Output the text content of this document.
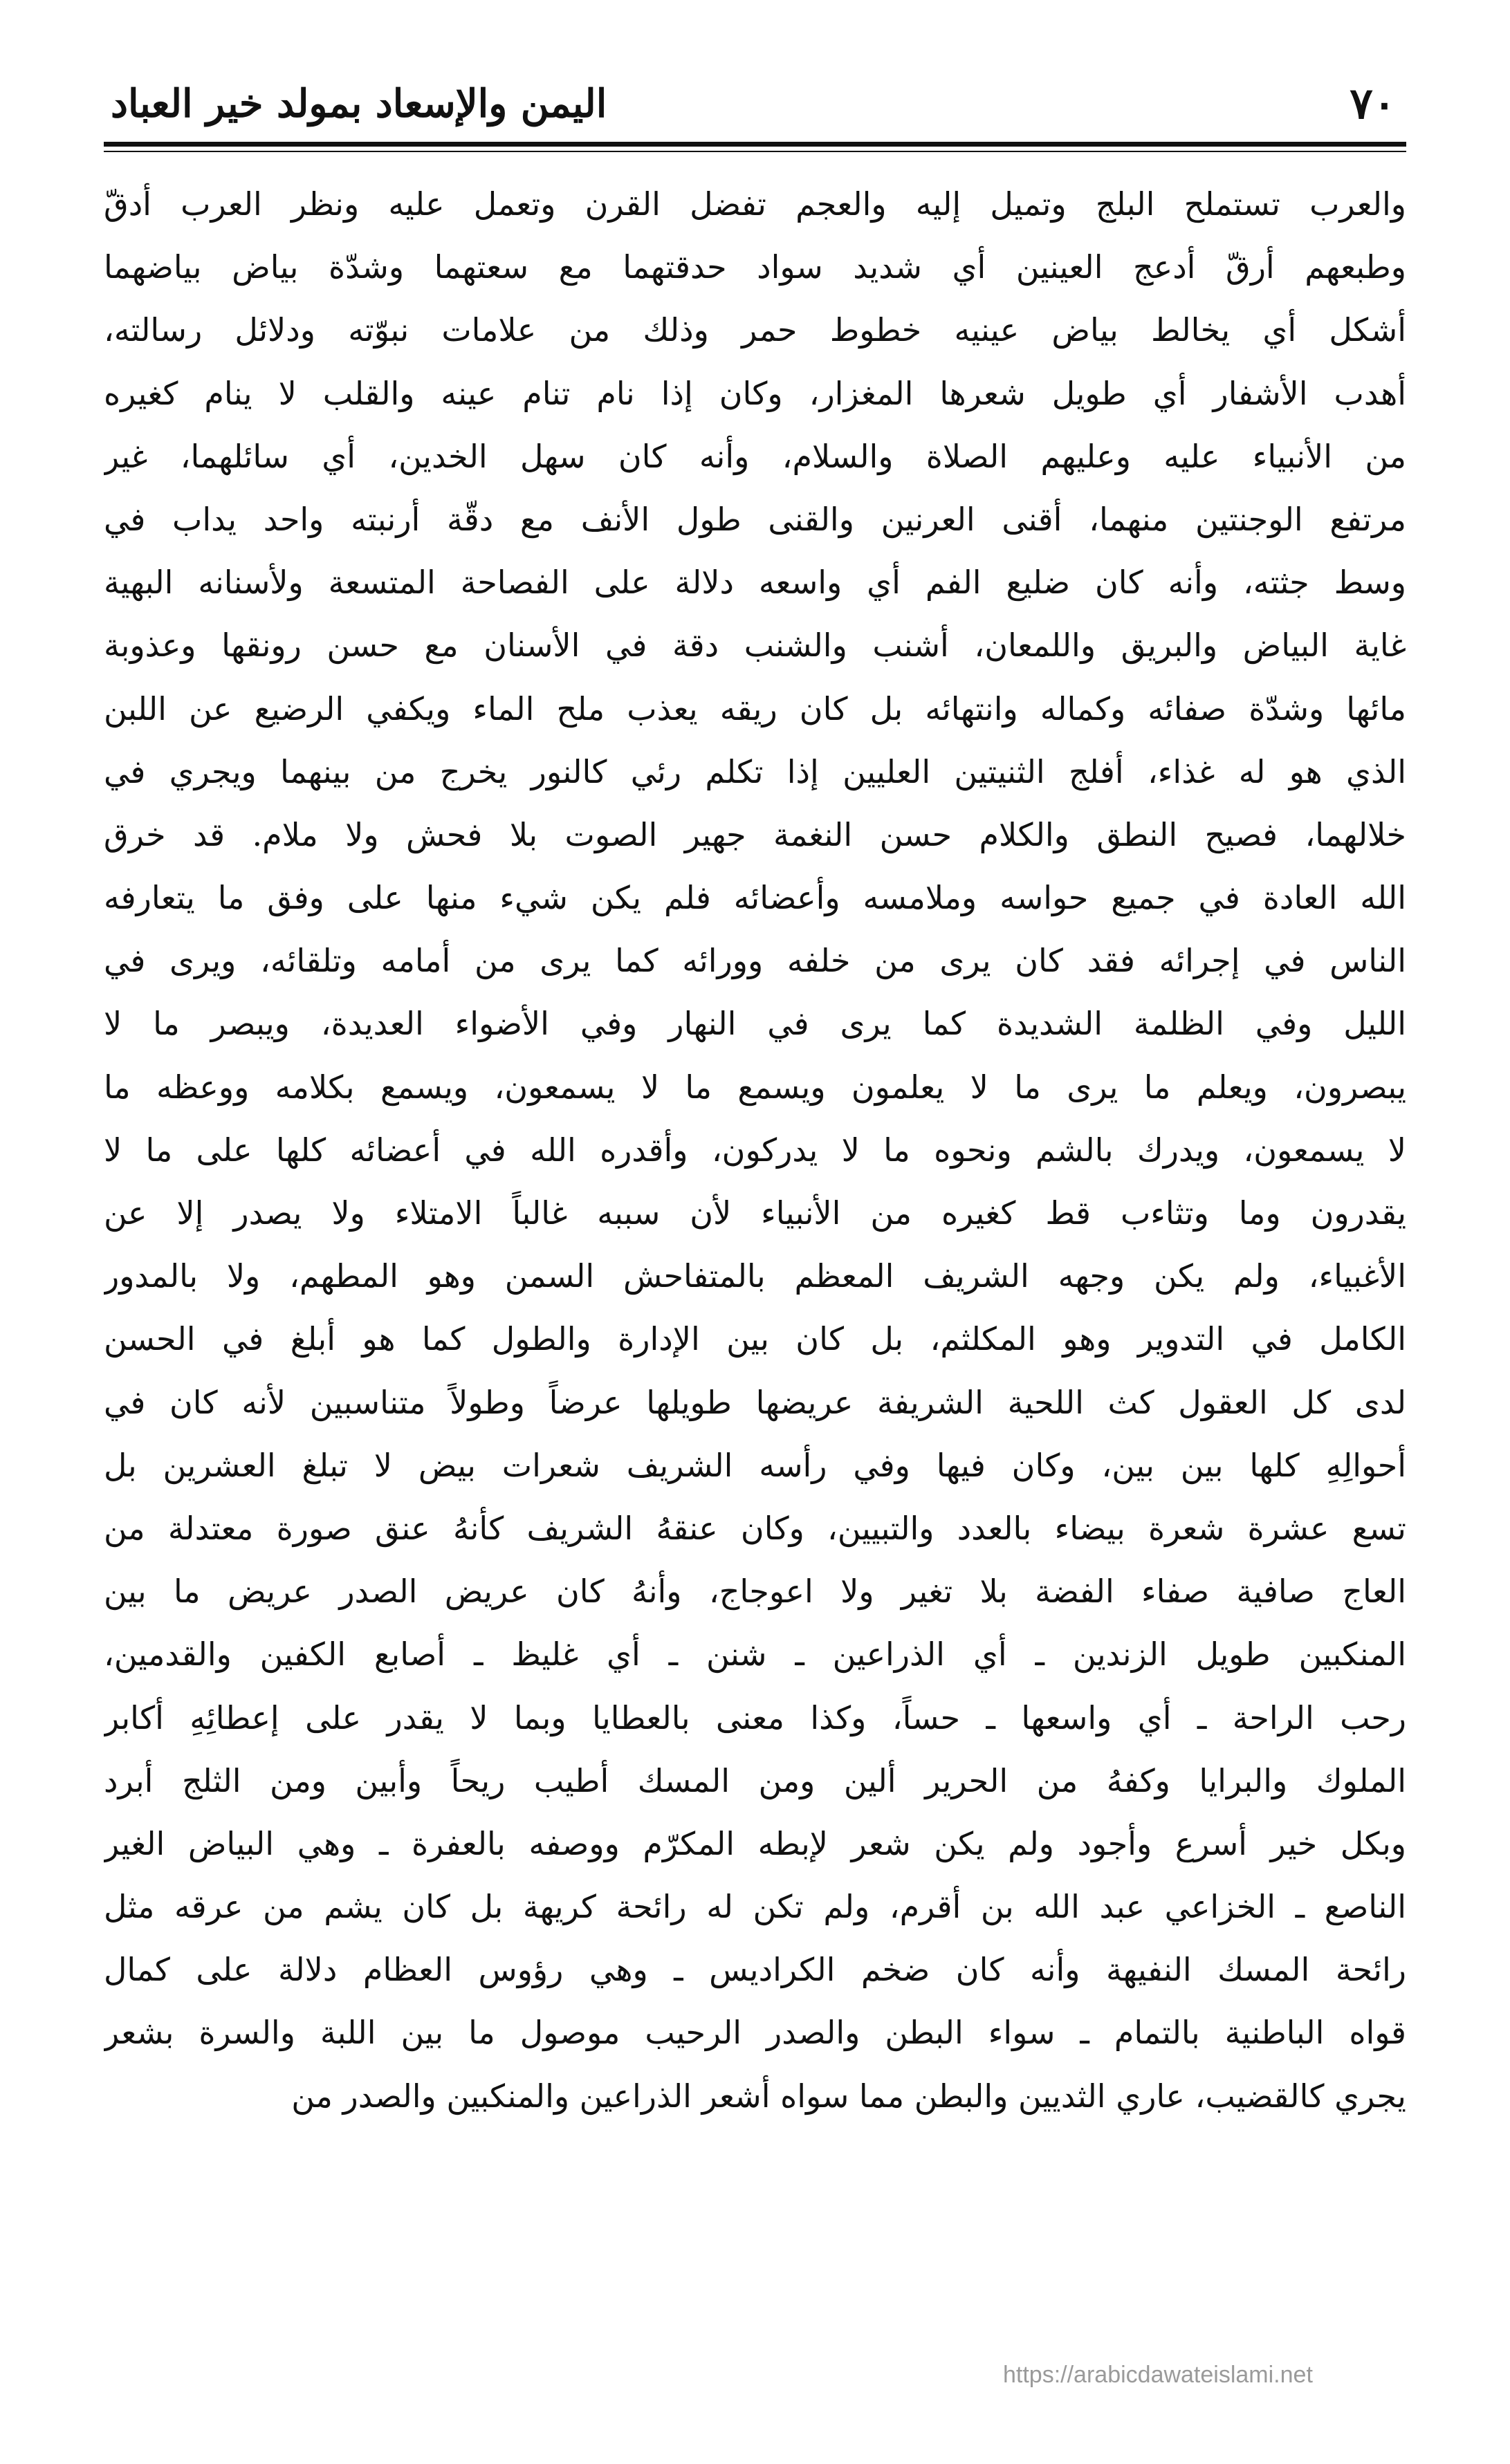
٧٠
اليمن والإسعاد بمولد خير العباد
والعرب تستملح البلج وتميل إليه والعجم تفضل القرن وتعمل عليه ونظر العرب أدقّ
وطبعهم أرقّ أدعج العينين أي شديد سواد حدقتهما مع سعتهما وشدّة بياض بياضهما
أشكل أي يخالط بياض عينيه خطوط حمر وذلك من علامات نبوّته ودلائل رسالته،
أهدب الأشفار أي طويل شعرها المغزار، وكان إذا نام تنام عينه والقلب لا ينام كغيره
من الأنبياء عليه وعليهم الصلاة والسلام، وأنه كان سهل الخدين، أي سائلهما، غير
مرتفع الوجنتين منهما، أقنى العرنين والقنى طول الأنف مع دقّة أرنبته واحد يداب في
وسط جثته، وأنه كان ضليع الفم أي واسعه دلالة على الفصاحة المتسعة ولأسنانه البهية
غاية البياض والبريق واللمعان، أشنب والشنب دقة في الأسنان مع حسن رونقها وعذوبة
مائها وشدّة صفائه وكماله وانتهائه بل كان ريقه يعذب ملح الماء ويكفي الرضيع عن اللبن
الذي هو له غذاء، أفلج الثنيتين العليين إذا تكلم رئي كالنور يخرج من بينهما ويجري في
خلالهما، فصيح النطق والكلام حسن النغمة جهير الصوت بلا فحش ولا ملام. قد خرق
الله العادة في جميع حواسه وملامسه وأعضائه فلم يكن شيء منها على وفق ما يتعارفه
الناس في إجرائه فقد كان يرى من خلفه وورائه كما يرى من أمامه وتلقائه، ويرى في
الليل وفي الظلمة الشديدة كما يرى في النهار وفي الأضواء العديدة، ويبصر ما لا
يبصرون، ويعلم ما يرى ما لا يعلمون ويسمع ما لا يسمعون، ويسمع بكلامه ووعظه ما
لا يسمعون، ويدرك بالشم ونحوه ما لا يدركون، وأقدره الله في أعضائه كلها على ما لا
يقدرون وما وتثاءب قط كغيره من الأنبياء لأن سببه غالباً الامتلاء ولا يصدر إلا عن
الأغبياء، ولم يكن وجهه الشريف المعظم بالمتفاحش السمن وهو المطهم، ولا بالمدور
الكامل في التدوير وهو المكلثم، بل كان بين الإدارة والطول كما هو أبلغ في الحسن
لدى كل العقول كث اللحية الشريفة عريضها طويلها عرضاً وطولاً متناسبين لأنه كان في
أحوالِهِ كلها بين بين، وكان فيها وفي رأسه الشريف شعرات بيض لا تبلغ العشرين بل
تسع عشرة شعرة بيضاء بالعدد والتبيين، وكان عنقهُ الشريف كأنهُ عنق صورة معتدلة من
العاج صافية صفاء الفضة بلا تغير ولا اعوجاج، وأنهُ كان عريض الصدر عريض ما بين
المنكبين طويل الزندين ـ أي الذراعين ـ شنن ـ أي غليظ ـ أصابع الكفين والقدمين،
رحب الراحة ـ أي واسعها ـ حساً، وكذا معنى بالعطايا وبما لا يقدر على إعطائِهِ أكابر
الملوك والبرايا وكفهُ من الحرير ألين ومن المسك أطيب ريحاً وأبين ومن الثلج أبرد
وبكل خير أسرع وأجود ولم يكن شعر لإبطه المكرّم ووصفه بالعفرة ـ وهي البياض الغير
الناصع ـ الخزاعي عبد الله بن أقرم، ولم تكن له رائحة كريهة بل كان يشم من عرقه مثل
رائحة المسك النفيهة وأنه كان ضخم الكراديس ـ وهي رؤوس العظام دلالة على كمال
قواه الباطنية بالتمام ـ سواء البطن والصدر الرحيب موصول ما بين اللبة والسرة بشعر
يجري كالقضيب، عاري الثديين والبطن مما سواه أشعر الذراعين والمنكبين والصدر من
https://arabicdawateislami.net
